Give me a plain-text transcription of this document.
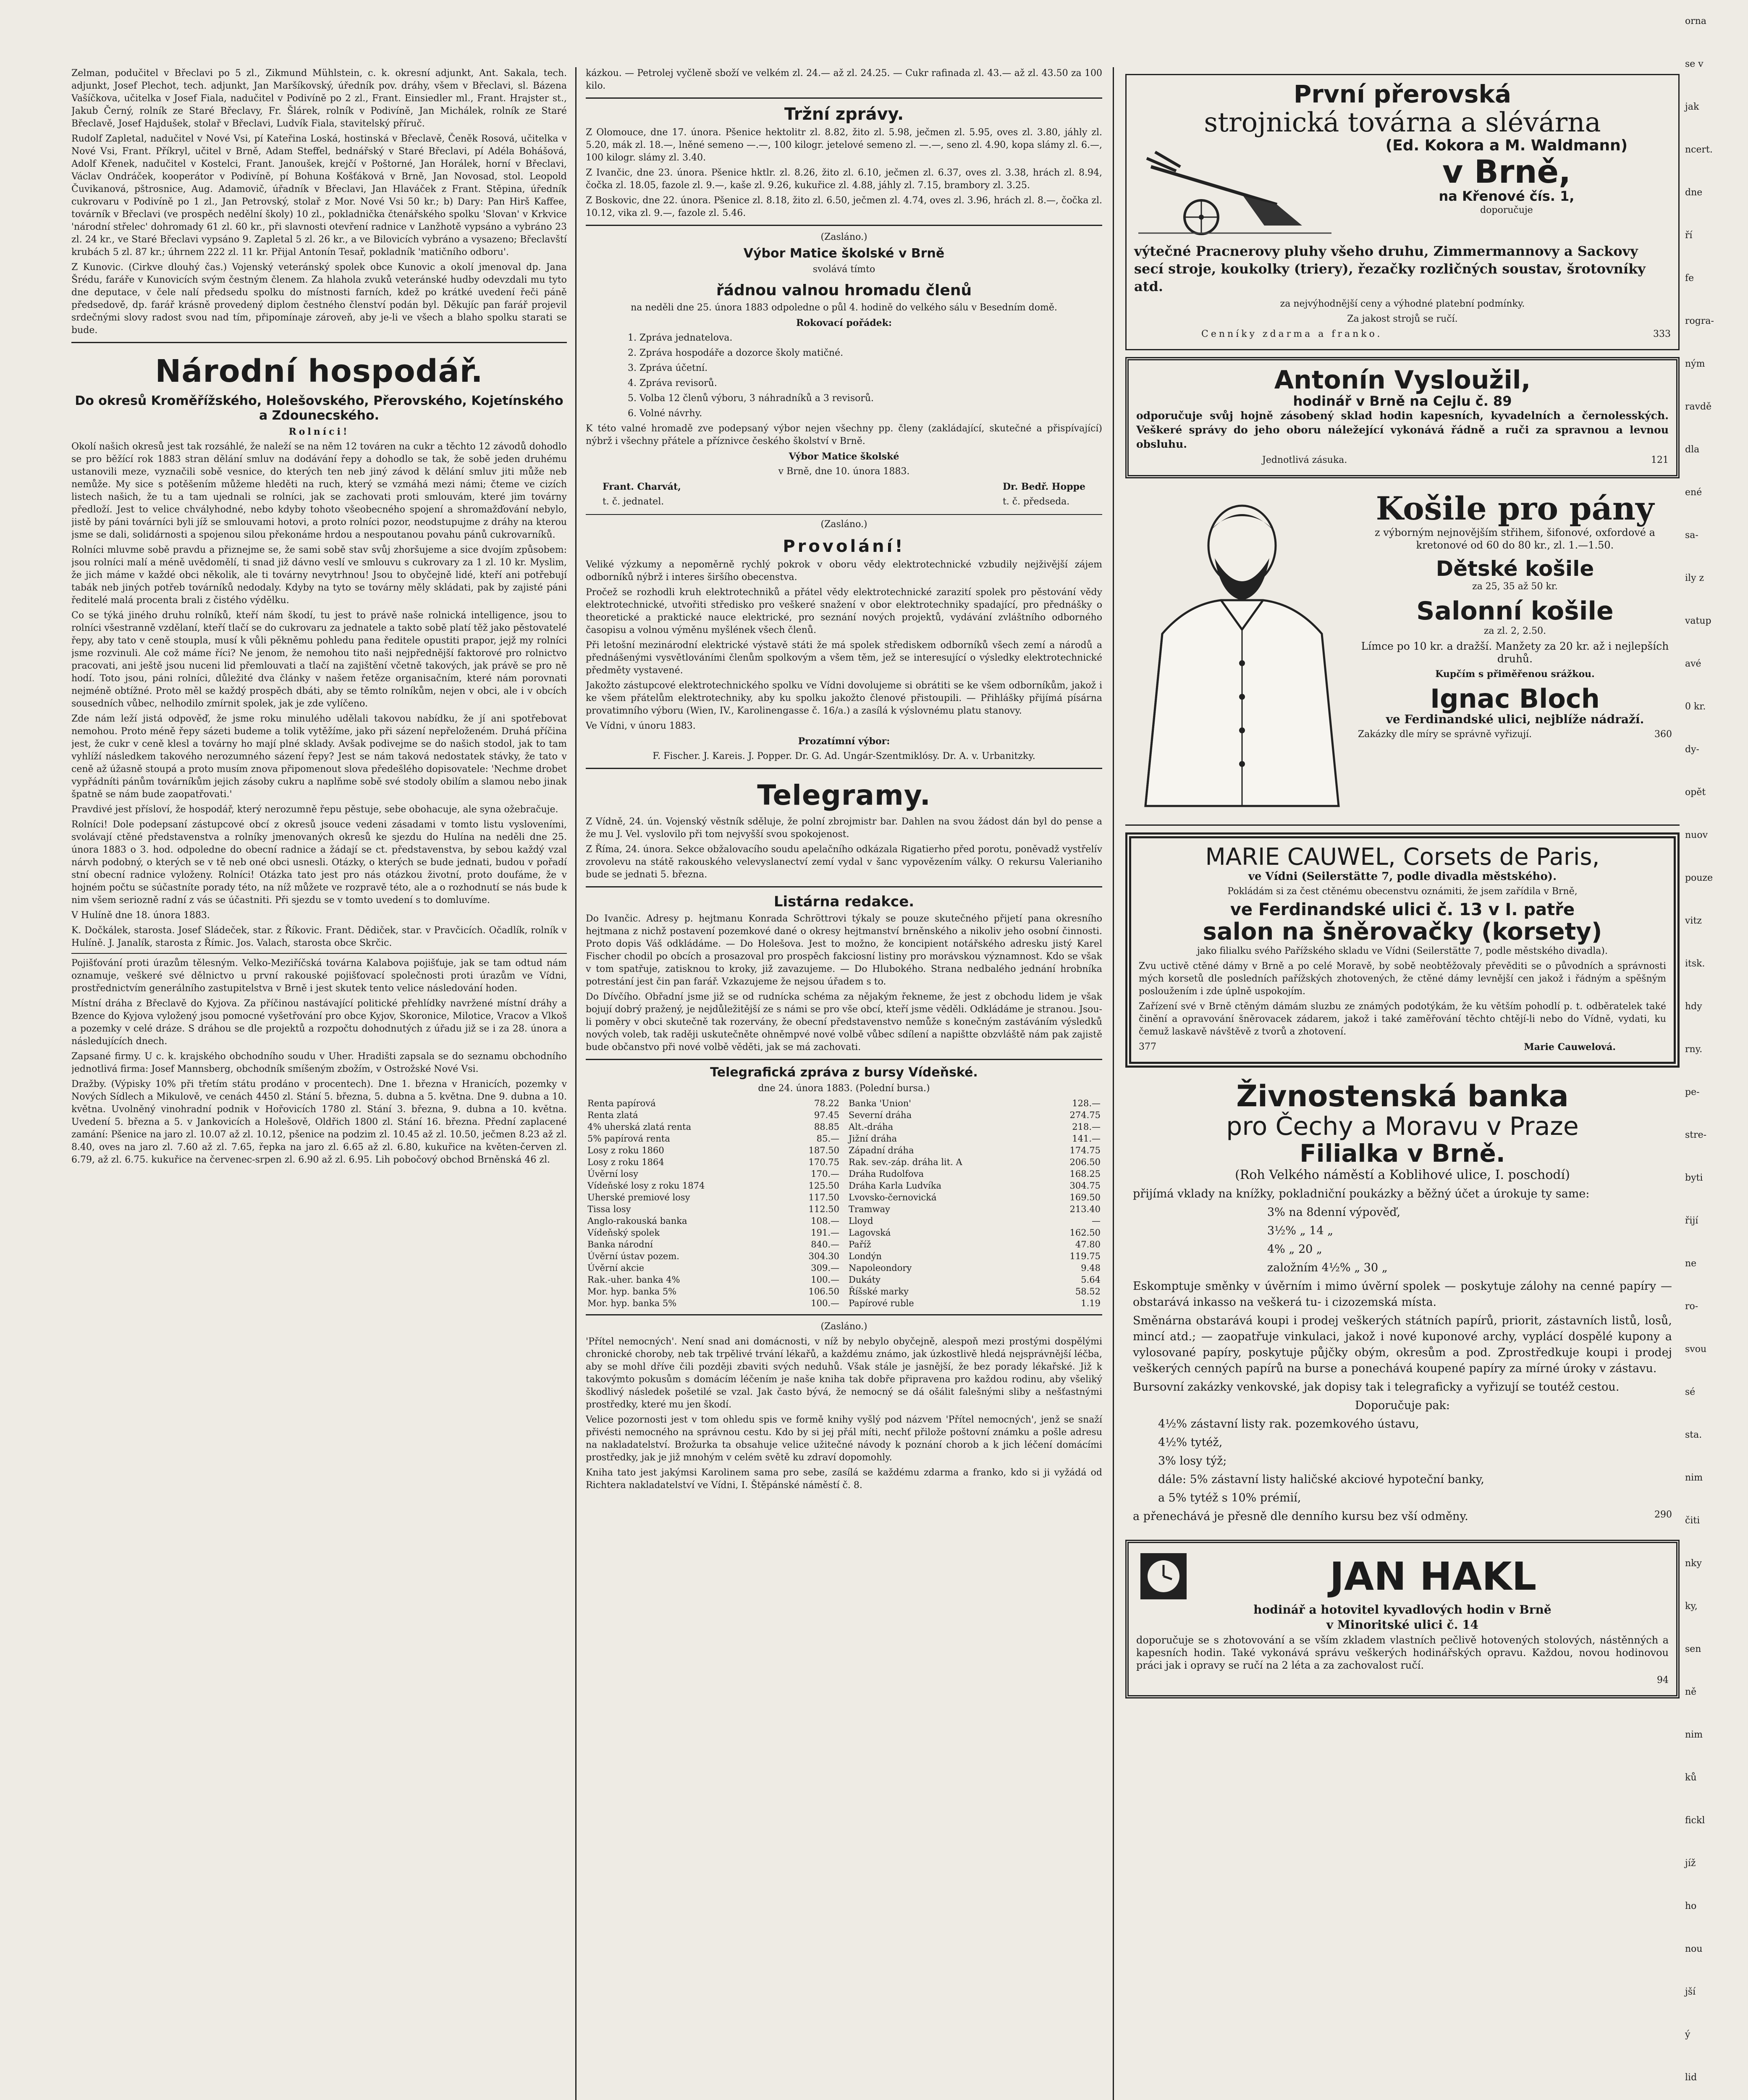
Zelman, podučitel v Břeclavi po 5 zl., Zikmund Mühlstein, c. k. okresní adjunkt, Ant. Sakala, tech. adjunkt, Josef Plechot, tech. adjunkt, Jan Maršíkovský, úředník pov. dráhy, všem v Břeclavi, sl. Bázena Vašíčkova, učitelka v Josef Fiala, nadučitel v Podivíně po 2 zl., Frant. Einsiedler ml., Frant. Hrajster st., Jakub Černý, rolník ze Staré Břeclavy, Fr. Šlárek, rolník v Podivíně, Jan Michálek, rolník ze Staré Břeclavě, Josef Hajdušek, stolař v Břeclavi, Ludvík Fiala, stavitelský příruč.
Rudolf Zapletal, nadučitel v Nové Vsi, pí Kateřina Loská, hostinská v Břeclavě, Čeněk Rosová, učitelka v Nové Vsi, Frant. Příkryl, učitel v Brně, Adam Steffel, bednářský v Staré Břeclavi, pí Adéla Bohášová, Adolf Křenek, nadučitel v Kostelci, Frant. Janoušek, krejčí v Poštorné, Jan Horálek, horní v Břeclavi, Václav Ondráček, kooperátor v Podivíně, pí Bohuna Košťáková v Brně, Jan Novosad, stol. Leopold Čuvikanová, pštrosnice, Aug. Adamovič, úřadník v Břeclavi, Jan Hlaváček z Frant. Stěpina, úředník cukrovaru v Podivíně po 1 zl., Jan Petrovský, stolař z Mor. Nové Vsi 50 kr.; b) Dary: Pan Hirš Kaffee, továrník v Břeclavi (ve prospěch nedělní školy) 10 zl., pokladnička čtenářského spolku 'Slovan' v Krkvice 'národní střelec' dohromady 61 zl. 60 kr., při slavnosti otevření radnice v Lanžhotě vypsáno a vybráno 23 zl. 24 kr., ve Staré Břeclavi vypsáno 9. Zapletal 5 zl. 26 kr., a ve Bilovicích vybráno a vysazeno; Břeclavští krubách 5 zl. 87 kr.; úhrnem 222 zl. 11 kr. Přijal Antonín Tesař, pokladník 'matičního odboru'.
Z Kunovic. (Cirkve dlouhý čas.) Vojenský veteránský spolek obce Kunovic a okolí jmenoval dp. Jana Šrédu, faráře v Kunovicích svým čestným členem. Za hlahola zvuků veteránské hudby odevzdali mu tyto dne deputace, v čele nalí předsedu spolku do místnosti farních, kdež po krátké uvedení řeči páně předsedově, dp. farář krásně provedený diplom čestného členství podán byl. Děkujíc pan farář projevil srdečnými slovy radost svou nad tím, připomínaje zároveň, aby je-li ve všech a blaho spolku starati se bude.
Národní hospodář.
Do okresů Kroměřížského, Holešovského, Přerovského, Kojetínského a Zdounecského.
Rolníci!
Okolí našich okresů jest tak rozsáhlé, že naleží se na něm 12 továren na cukr a těchto 12 závodů dohodlo se pro běžící rok 1883 stran dělání smluv na dodávání řepy a dohodlo se tak, že sobě jeden druhému ustanovili meze, vyznačili sobě vesnice, do kterých ten neb jiný závod k dělání smluv jiti může neb nemůže. My sice s potěšením můžeme hleděti na ruch, který se vzmáhá mezi námi; čteme ve cizích listech našich, že tu a tam ujednali se rolníci, jak se zachovati proti smlouvám, které jim továrny předloží. Jest to velice chvályhodné, nebo kdyby tohoto všeobecného spojení a shromažďování nebylo, jistě by páni továrníci byli jíž se smlouvami hotovi, a proto rolníci pozor, neodstupujme z dráhy na kterou jsme se dali, solidárnosti a spojenou silou překonáme hrdou a nespoutanou povahu pánů cukrovarníků.
Rolníci mluvme sobě pravdu a přiznejme se, že sami sobě stav svůj zhoršujeme a sice dvojím způsobem: jsou rolníci malí a méně uvědomělí, ti snad již dávno veslí ve smlouvu s cukrovary za 1 zl. 10 kr. Myslim, že jich máme v každé obci několik, ale ti továrny nevytrhnou! Jsou to obyčejně lidé, kteří ani potřebují tabák neb jiných potřeb továrníků nedodaly. Kdyby na tyto se továrny měly skládati, pak by zajisté páni ředitelé malá procenta brali z čistého výdělku.
Co se týká jiného druhu rolníků, kteří nám škodí, tu jest to právě naše rolnická intelligence, jsou to rolníci všestranně vzdělaní, kteří tlačí se do cukrovaru za jednatele a takto sobě platí těž jako pěstovatelé řepy, aby tato v ceně stoupla, musí k vůli pěkněmu pohledu pana ředitele opustiti prapor, jejž my rolníci jsme rozvinuli. Ale což máme říci? Ne jenom, že nemohou tito naši nejpřednější faktorové pro rolnictvo pracovati, ani ještě jsou nuceni lid přemlouvati a tlačí na zajištění včetně takových, jak právě se pro ně hodí. Toto jsou, páni rolníci, důležité dva články v našem řetěze organisačním, které nám porovnati nejméně obtížné. Proto měl se každý prospěch dbáti, aby se těmto rolníkům, nejen v obci, ale i v obcích sousedních vůbec, nelhodilo zmírnit spolek, jak je zde vylíčeno.
Zde nám leží jistá odpověď, že jsme roku minulého udělali takovou nabídku, že jí ani spotřebovat nemohou. Proto méně řepy sázeti budeme a tolik vytěžíme, jako při sázení nepřeloženém. Druhá příčina jest, že cukr v ceně klesl a továrny ho mají plné sklady. Avšak podivejme se do našich stodol, jak to tam vyhlíží následkem takového nerozumného sázení řepy? Jest se nám taková nedostatek stávky, že tato v ceně až úžasně stoupá a proto musím znova připomenout slova předešlého dopisovatele: 'Nechme drobet vypřádníti pánům továrníkům jejich zásoby cukru a naplňme sobě své stodoly obilím a slamou nebo jinak špatně se nám bude zaopatřovati.'
Pravdivé jest přísloví, že hospodář, který nerozumně řepu pěstuje, sebe obohacuje, ale syna ožebračuje.
Rolníci! Dole podepsaní zástupcové obcí z okresů jsouce vedeni zásadami v tomto listu vysloveními, svolávají ctěné představenstva a rolníky jmenovaných okresů ke sjezdu do Hulína na neděli dne 25. února 1883 o 3. hod. odpoledne do obecní radnice a žádají se ct. představenstva, by sebou každý vzal nárvh podobný, o kterých se v tě neb oné obci usnesli. Otázky, o kterých se bude jednati, budou v pořadí stní obecní radnice vyloženy. Rolníci! Otázka tato jest pro nás otázkou životní, proto doufáme, že v hojném počtu se súčastníte porady této, na níž můžete ve rozpravě této, ale a o rozhodnutí se nás bude k nim všem seriozně radní z vás se účastniti. Při sjezdu se v tomto uvedení s to domluvíme.
V Hulíně dne 18. února 1883.
K. Dočkálek, starosta. Josef Sládeček, star. z Říkovic. Frant. Dědiček, star. v Pravčicích. Očadlík, rolník v Hulíně. J. Janalík, starosta z Římic. Jos. Valach, starosta obce Skrčic.
Pojišťování proti úrazům tělesným. Velko-Meziříčská továrna Kalabova pojišťuje, jak se tam odtud nám oznamuje, veškeré své dělnictvo u první rakouské pojišťovací společnosti proti úrazům ve Vídni, prostřednictvím generálního zastupitelstva v Brně i jest skutek tento velice následování hoden.
Místní dráha z Břeclavě do Kyjova. Za příčinou nastávající politické přehlídky navržené místní dráhy a Bzence do Kyjova vyložený jsou pomocné vyšetřování pro obce Kyjov, Skoronice, Milotice, Vracov a Vlkoš a pozemky v celé dráze. S dráhou se dle projektů a rozpočtu dohodnutých z úřadu již se i za 28. února a následujících dnech.
Zapsané firmy. U c. k. krajského obchodního soudu v Uher. Hradišti zapsala se do seznamu obchodního jednotlivá firma: Josef Mannsberg, obchodník smíšeným zbožím, v Ostrožské Nové Vsi.
Dražby. (Výpisky 10% při třetím státu prodáno v procentech). Dne 1. března v Hranicích, pozemky v Nových Sídlech a Mikulově, ve cenách 4450 zl. Stání 5. března, 5. dubna a 5. května. Dne 9. dubna a 10. května. Uvolněný vinohradní podnik v Hořovicích 1780 zl. Stání 3. března, 9. dubna a 10. května. Uvedení 5. března a 5. v Jankovicích a Holešově, Oldřich 1800 zl. Stání 16. března. Přední zaplacené zamání: Pšenice na jaro zl. 10.07 až zl. 10.12, pšenice na podzim zl. 10.45 až zl. 10.50, ječmen 8.23 až zl. 8.40, oves na jaro zl. 7.60 až zl. 7.65, řepka na jaro zl. 6.65 až zl. 6.80, kukuřice na květen-červen zl. 6.79, až zl. 6.75. kukuřice na červenec-srpen zl. 6.90 až zl. 6.95. Lih pobočový obchod Brněnská 46 zl.
kázkou. — Petrolej vyčleně sboží ve velkém zl. 24.— až zl. 24.25. — Cukr rafinada zl. 43.— až zl. 43.50 za 100 kilo.
Tržní zprávy.
Z Olomouce, dne 17. února. Pšenice hektolitr zl. 8.82, žito zl. 5.98, ječmen zl. 5.95, oves zl. 3.80, jáhly zl. 5.20, mák zl. 18.—, lněné semeno —.—, 100 kilogr. jetelové semeno zl. —.—, seno zl. 4.90, kopa slámy zl. 6.—, 100 kilogr. slámy zl. 3.40.
Z Ivančic, dne 23. února. Pšenice hktlr. zl. 8.26, žito zl. 6.10, ječmen zl. 6.37, oves zl. 3.38, hrách zl. 8.94, čočka zl. 18.05, fazole zl. 9.—, kaše zl. 9.26, kukuřice zl. 4.88, jáhly zl. 7.15, brambory zl. 3.25.
Z Boskovic, dne 22. února. Pšenice zl. 8.18, žito zl. 6.50, ječmen zl. 4.74, oves zl. 3.96, hrách zl. 8.—, čočka zl. 10.12, vika zl. 9.—, fazole zl. 5.46.
(Zasláno.)
Výbor Matice školské v Brně
svolává tímto
řádnou valnou hromadu členů
na neděli dne 25. února 1883 odpoledne o půl 4. hodině do velkého sálu v Besedním domě.
Rokovací pořádek:
1. Zpráva jednatelova.
2. Zpráva hospodáře a dozorce školy matičné.
3. Zpráva účetní.
4. Zpráva revisorů.
5. Volba 12 členů výboru, 3 náhradníků a 3 revisorů.
6. Volné návrhy.
K této valné hromadě zve podepsaný výbor nejen všechny pp. členy (zakládající, skutečné a přispívající) nýbrž i všechny přátele a příznivce českého školství v Brně.
Výbor Matice školské
v Brně, dne 10. února 1883.
Frant. Charvát,
t. č. jednatel.
Dr. Bedř. Hoppe
t. č. předseda.
(Zasláno.)
Provolání!
Veliké výzkumy a nepoměrně rychlý pokrok v oboru vědy elektrotechnické vzbudily nejživější zájem odborníků nýbrž i interes širšího obecenstva.
Pročež se rozhodli kruh elektrotechniků a přátel vědy elektrotechnické zarazití spolek pro pěstování vědy elektrotechnické, utvořiti středisko pro veškeré snažení v obor elektrotechniky spadající, pro přednášky o theoretické a praktické nauce elektrické, pro seznání nových projektů, vydávání zvláštního odborného časopisu a volnou výměnu myšlének všech členů.
Při letošní mezinárodní elektrické výstavě státi že má spolek střediskem odborníků všech zemí a národů a přednášenými vysvětlováními členům spolkovým a všem těm, jež se interesující o výsledky elektrotechnické předměty vystavené.
Jakožto zástupcové elektrotechnického spolku ve Vídni dovolujeme si obrátiti se ke všem odborníkům, jakož i ke všem přátelům elektrotechniky, aby ku spolku jakožto členové přistoupili. — Přihlášky přijímá písárna provatimního výboru (Wien, IV., Karolinengasse č. 16/a.) a zasílá k výslovnému platu stanovy.
Ve Vídni, v únoru 1883.
Prozatímní výbor:
F. Fischer. J. Kareis. J. Popper. Dr. G. Ad. Ungár-Szentmiklósy. Dr. A. v. Urbanitzky.
Telegramy.
Z Vídně, 24. ún. Vojenský věstník sděluje, že polní zbrojmistr bar. Dahlen na svou žádost dán byl do pense a že mu J. Vel. vyslovilo při tom nejvyšší svou spokojenost.
Z Říma, 24. února. Sekce obžalovacího soudu apelačního odkázala Rigatierho před porotu, poněvadž vystřelív zrovolevu na státě rakouského velevyslanectví zemí vydal v šanc vypovězením války. O rekursu Valerianiho bude se jednati 5. března.
Listárna redakce.
Do Ivančic. Adresy p. hejtmanu Konrada Schröttrovi týkaly se pouze skutečného přijetí pana okresního hejtmana z nichž postavení pozemkové dané o okresy hejtmanství brněnského a nikoliv jeho osobní činnosti. Proto dopis Váš odkládáme. — Do Holešova. Jest to možno, že koncipient notářského adresku jistý Karel Fischer chodil po obcích a prosazoval pro prospěch fakciosní listiny pro morávskou významnost. Kdo se však v tom spatřuje, zatisknou to kroky, již zavazujeme. — Do Hlubokého. Strana nedbalého jednání hrobníka potrestání jest čin pan farář. Vzkazujeme že nejsou úřadem s to.
Do Dívčího. Obřadní jsme již se od rudnícka schéma za nějakým řekneme, že jest z obchodu lidem je však bojují dobrý pražený, je nejdůležitější ze s námi se pro vše obcí, kteří jsme věděli. Odkládáme je stranou. Jsou-li poměry v obci skutečně tak rozervány, že obecní představenstvo nemůže s konečným zastáváním výsledků nových voleb, tak raději uskutečněte ohněmpvé nové volbě vůbec sdílení a napištte obzvláště nám pak zajistě bude občanstvo při nové volbě věděti, jak se má zachovati.
Telegrafická zpráva z bursy Vídeňské.
dne 24. února 1883. (Polední bursa.)
Renta papírová	78.22
Renta zlatá	97.45
4% uherská zlatá renta	88.85
5% papírová renta	85.—
Losy z roku 1860	187.50
Losy z roku 1864	170.75
Úvěrní losy	170.—
Vídeňské losy z roku 1874	125.50
Uherské premiové losy	117.50
Tissa losy	112.50
Anglo-rakouská banka	108.—
Vídeňský spolek	191.—
Banka národní	840.—
Úvěrní ústav pozem.	304.30
Úvěrní akcie	309.—
Rak.-uher. banka 4%	100.—
Mor. hyp. banka 5%	106.50
Mor. hyp. banka 5%	100.—
Banka 'Union'	128.—
Severní dráha	274.75
Alt.-dráha	218.—
Jižní dráha	141.—
Západní dráha	174.75
Rak. sev.-záp. dráha lit. A	206.50
Dráha Rudolfova	168.25
Dráha Karla Ludvíka	304.75
Lvovsko-černovická	169.50
Tramway	213.40
Lloyd	—
Lagovská	162.50
Paříž	47.80
Londýn	119.75
Napoleondory	9.48
Dukáty	5.64
Říšské marky	58.52
Papírové ruble	1.19
(Zasláno.)
'Přítel nemocných'. Není snad ani domácnosti, v níž by nebylo obyčejně, alespoň mezi prostými dospělými chronické choroby, neb tak trpělivé trvání lékařů, a každému známo, jak úzkostlivě hledá nejsprávnější léčba, aby se mohl dříve čili později zbaviti svých neduhů. Však stále je jasnější, že bez porady lékařské. Již k takovýmto pokusům s domácím léčením je naše kniha tak dobře připravena pro každou rodinu, aby všeliký škodlivý následek pošetilé se vzal. Jak často bývá, že nemocný se dá ošálit falešnými sliby a nešťastnými prostředky, které mu jen škodí.
Velice pozornosti jest v tom ohledu spis ve formě knihy vyšlý pod názvem 'Přítel nemocných', jenž se snaží přivésti nemocného na správnou cestu. Kdo by si jej přál míti, nechť přilože poštovní známku a pošle adresu na nakladatelství. Brožurka ta obsahuje velice užitečné návody k poznání chorob a k jich léčení domácími prostředky, jak je již mnohým v celém světě ku zdraví dopomohly.
Kniha tato jest jakýmsi Karolinem sama pro sebe, zasílá se každému zdarma a franko, kdo si ji vyžádá od Richtera nakladatelství ve Vídni, I. Štěpánské náměstí č. 8.
První přerovská
strojnická továrna a slévárna
(Ed. Kokora a M. Waldmann)
v Brně,
na Křenové čís. 1,
doporučuje
výtečné Pracnerovy pluhy všeho druhu, Zimmermannovy a Sackovy secí stroje, koukolky (triery), řezačky rozličných soustav, šrotovníky atd.
za nejvýhodnější ceny a výhodné platební podmínky.
Za jakost strojů se ručí.
Cenníky zdarma a franko.	333
Antonín Vysloužil,
hodinář v Brně na Cejlu č. 89
odporučuje svůj hojně zásobený sklad hodin kapesních, kyvadelních a černolesských. Veškeré správy do jeho oboru náležející vykonává řádně a ruči za spravnou a levnou obsluhu.
Jednotlivá zásuka.	121
Košile pro pány
z výborným nejnovějším střihem, šifonové, oxfordové a kretonové od 60 do 80 kr., zl. 1.—1.50.
Dětské košile
za 25, 35 až 50 kr.
Salonní košile
za zl. 2, 2.50.
Límce po 10 kr. a dražší. Manžety za 20 kr. až i nejlepších druhů.
Kupčím s přiměřenou srážkou.
Ignac Bloch
ve Ferdinandské ulici, nejblíže nádraží.
Zakázky dle míry se správně vyřizují.	360
MARIE CAUWEL, Corsets de Paris,
ve Vídni (Seilerstätte 7, podle divadla městského).
Pokládám si za čest ctěnému obecenstvu oznámiti, že jsem zařídila v Brně,
ve Ferdinandské ulici č. 13 v I. patře
salon na šněrovačky (korsety)
jako filialku svého Pařížského skladu ve Vídni (Seilerstätte 7, podle městského divadla).
Zvu uctivě ctěné dámy v Brně a po celé Moravě, by sobě neobtěžovaly převěditi se o původních a správnosti mých korsetů dle posledních pařížských zhotovených, že ctěné dámy levnější cen jakož i řádným a spěšným posloužením i zde úplně uspokojím.
Zařízení své v Brně ctěným dámám sluzbu ze známých podotýkám, že ku větším pohodlí p. t. odběratelek také činění a opravování šněrovacek zádarem, jakož i také zaměřování těchto chtějí-li nebo do Vídně, vydati, ku čemuž laskavě návštěvě z tvorů a zhotovení.
377	Marie Cauwelová.
Živnostenská banka
pro Čechy a Moravu v Praze
Filialka v Brně.
(Roh Velkého náměstí a Koblihové ulice, I. poschodí)
přijímá vklady na knížky, pokladniční poukázky a běžný účet a úrokuje ty same:
3% na 8denní výpověď,
3½% „ 14 „
4% „ 20 „
založním 4½% „ 30 „
Eskomptuje směnky v úvěrním i mimo úvěrní spolek — poskytuje zálohy na cenné papíry — obstarává inkasso na veškerá tu- i cizozemská místa.
Směnárna obstarává koupi i prodej veškerých státních papírů, priorit, zástavních listů, losů, mincí atd.; — zaopatřuje vinkulaci, jakož i nové kuponové archy, vyplácí dospělé kupony a vylosované papíry, poskytuje půjčky obým, okresům a pod. Zprostředkuje koupi i prodej veškerých cenných papírů na burse a ponechává koupené papíry za mírné úroky v zástavu.
Bursovní zakázky venkovské, jak dopisy tak i telegraficky a vyřizují se toutéž cestou.
Doporučuje pak:
4½% zástavní listy rak. pozemkového ústavu,
4½% tytéž,
3% losy týž;
dále: 5% zástavní listy haličské akciové hypoteční banky,
a 5% tytéž s 10% prémií,
a přenechává je přesně dle denního kursu bez vší odměny.	290
JAN HAKL
hodinář a hotovitel kyvadlových hodin v Brně
v Minoritské ulici č. 14
doporučuje se s zhotovování a se vším zkladem vlastních pečlivě hotovených stolových, nástěnných a kapesních hodin. Také vykonává správu veškerých hodinářských opravu. Každou, novou hodinovou práci jak i opravy se ručí na 2 léta a za zachovalost ručí.
94
orna
se v
jak
ncert.
dne
ří
fe
rogra-
ným
ravdě
dla
ené
sa-
ily z
vatup
avé
0 kr.
dy-
opět
nuov
pouze
vitz
itsk.
hdy
rny.
pe-
stre-
byti
řijí
ne
ro-
svou
sé
sta.
nim
čiti
nky
ky,
sen
ně
nim
ků
fickl
jíž
ho
nou
jší
ý
lid
